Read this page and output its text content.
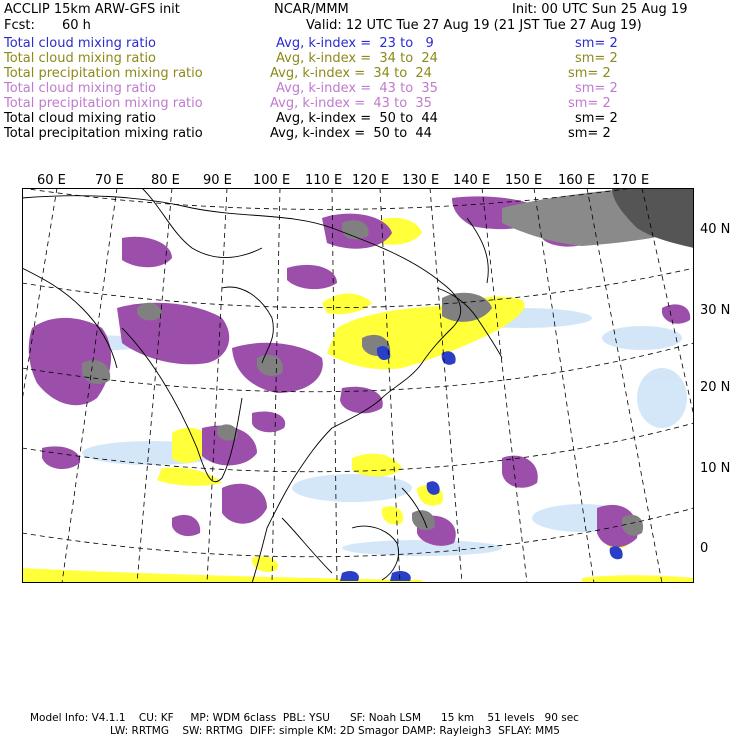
ACCLIP 15km ARW-GFS init	NCAR/MMM	Init: 00 UTC Sun 25 Aug 19
Fcst: 60 h	Valid: 12 UTC Tue 27 Aug 19 (21 JST Tue 27 Aug 19)
Total cloud mixing ratio	Avg, k-index =  23 to   9	sm= 2
Total cloud mixing ratio	Avg, k-index =  34 to  24	sm= 2
Total precipitation mixing ratio	Avg, k-index =  34 to  24	sm= 2
Total cloud mixing ratio	Avg, k-index =  43 to  35	sm= 2
Total precipitation mixing ratio	Avg, k-index =  43 to  35	sm= 2
Total cloud mixing ratio	Avg, k-index =  50 to  44	sm= 2
Total precipitation mixing ratio	Avg, k-index =  50 to  44	sm= 2
60 E 70 E 80 E 90 E 100 E 110 E 120 E 130 E 140 E 150 E 160 E 170 E
40 N
30 N
20 N
10 N
0
Model Info: V4.1.1    CU: KF     MP: WDM 6class  PBL: YSU      SF: Noah LSM      15 km    51 levels   90 sec
LW: RRTMG    SW: RRTMG  DIFF: simple KM: 2D Smagor DAMP: Rayleigh3  SFLAY: MM5
